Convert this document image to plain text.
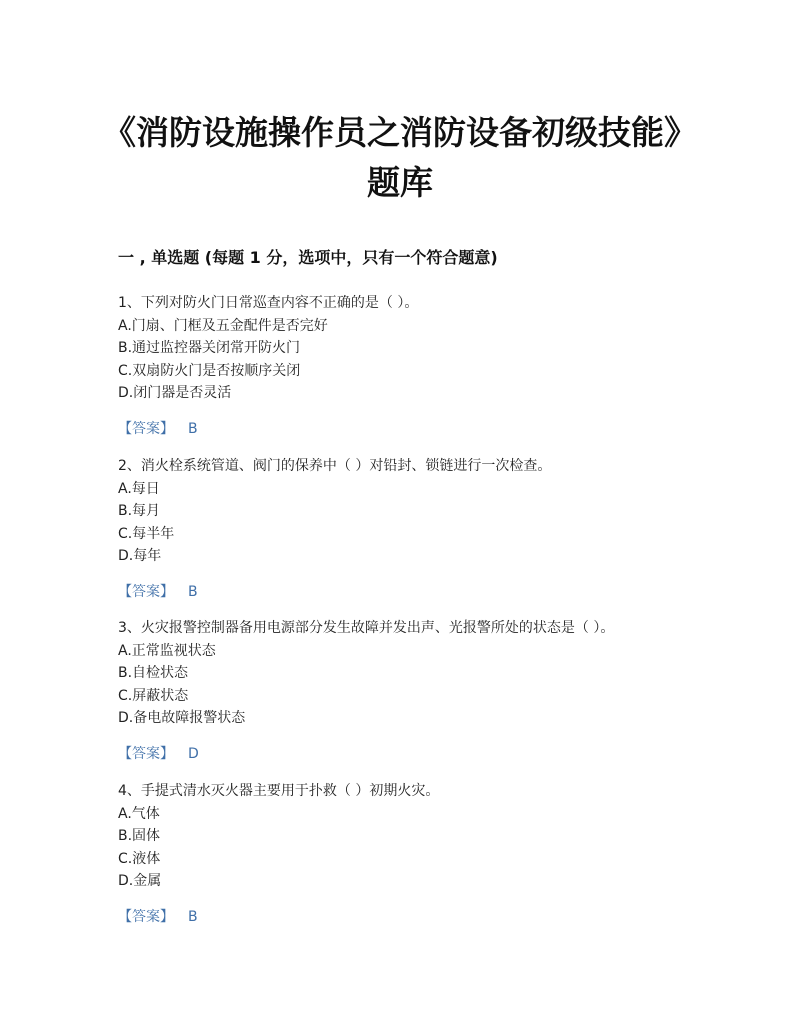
《消防设施操作员之消防设备初级技能》题库
一 , 单选题 (每题 1 分，选项中，只有一个符合题意)

1、下列对防火门日常巡查内容不正确的是（ ）。

A.门扇、门框及五金配件是否完好

B.通过监控器关闭常开防火门

C.双扇防火门是否按顺序关闭

D.闭门器是否灵活

【答案】 B

2、消火栓系统管道、阀门的保养中（ ）对铅封、锁链进行一次检查。

A.每日

B.每月

C.每半年

D.每年

【答案】 B

3、火灾报警控制器备用电源部分发生故障并发出声、光报警所处的状态是（ ）。

A.正常监视状态

B.自检状态

C.屏蔽状态

D.备电故障报警状态

【答案】 D

4、手提式清水灭火器主要用于扑救（ ）初期火灾。

A.气体

B.固体

C.液体

D.金属

【答案】 B
